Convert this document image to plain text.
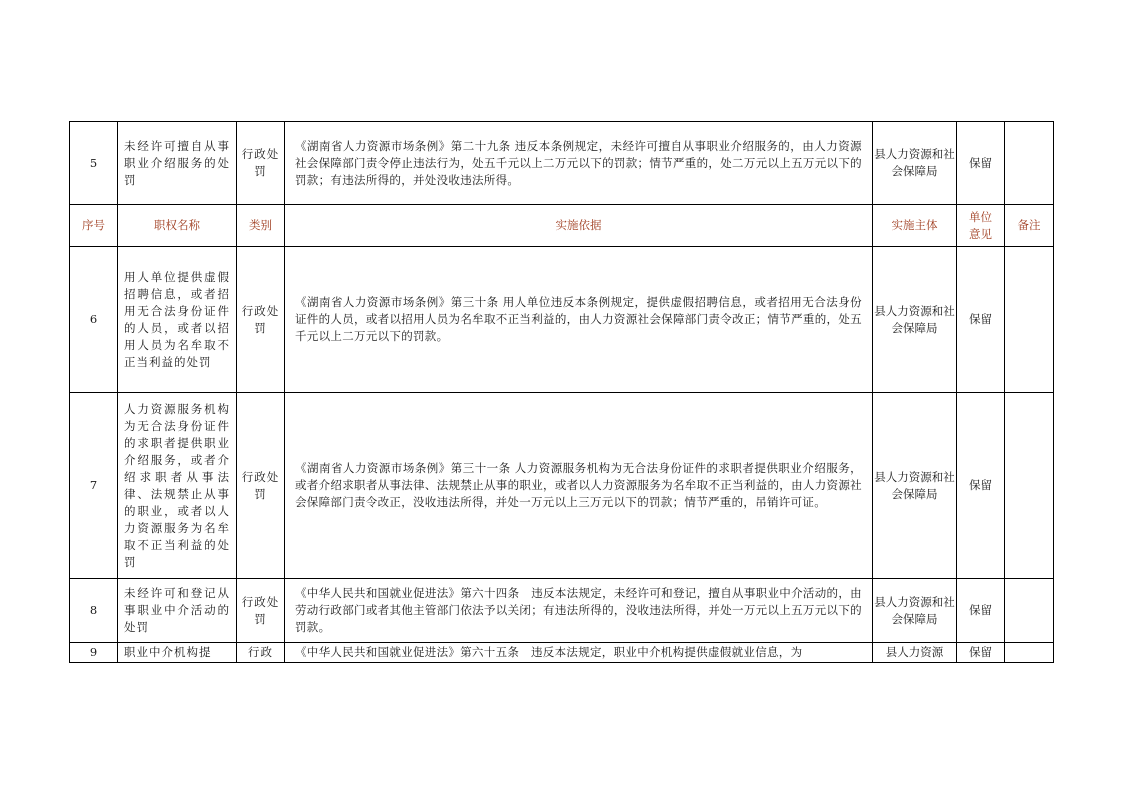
5	未经许可擅自从事职业介绍服务的处罚	行政处罚	《湖南省人力资源市场条例》第二十九条 违反本条例规定，未经许可擅自从事职业介绍服务的，由人力资源社会保障部门责令停止违法行为，处五千元以上二万元以下的罚款；情节严重的，处二万元以上五万元以下的罚款；有违法所得的，并处没收违法所得。	县人力资源和社会保障局	保留	
序号	职权名称	类别	实施依据	实施主体	单位意见	备注
6	用人单位提供虚假招聘信息，或者招用无合法身份证件的人员，或者以招用人员为名牟取不正当利益的处罚	行政处罚	《湖南省人力资源市场条例》第三十条 用人单位违反本条例规定，提供虚假招聘信息，或者招用无合法身份证件的人员，或者以招用人员为名牟取不正当利益的，由人力资源社会保障部门责令改正；情节严重的，处五千元以上二万元以下的罚款。	县人力资源和社会保障局	保留	
7	人力资源服务机构为无合法身份证件的求职者提供职业介绍服务，或者介绍求职者从事法律、法规禁止从事的职业，或者以人力资源服务为名牟取不正当利益的处罚	行政处罚	《湖南省人力资源市场条例》第三十一条 人力资源服务机构为无合法身份证件的求职者提供职业介绍服务，或者介绍求职者从事法律、法规禁止从事的职业，或者以人力资源服务为名牟取不正当利益的，由人力资源社会保障部门责令改正，没收违法所得，并处一万元以上三万元以下的罚款；情节严重的，吊销许可证。	县人力资源和社会保障局	保留	
8	未经许可和登记从事职业中介活动的处罚	行政处罚	《中华人民共和国就业促进法》第六十四条　违反本法规定，未经许可和登记，擅自从事职业中介活动的，由劳动行政部门或者其他主管部门依法予以关闭；有违法所得的，没收违法所得，并处一万元以上五万元以下的罚款。	县人力资源和社会保障局	保留	
9	职业中介机构提	行政	《中华人民共和国就业促进法》第六十五条　违反本法规定，职业中介机构提供虚假就业信息，为	县人力资源	保留	
